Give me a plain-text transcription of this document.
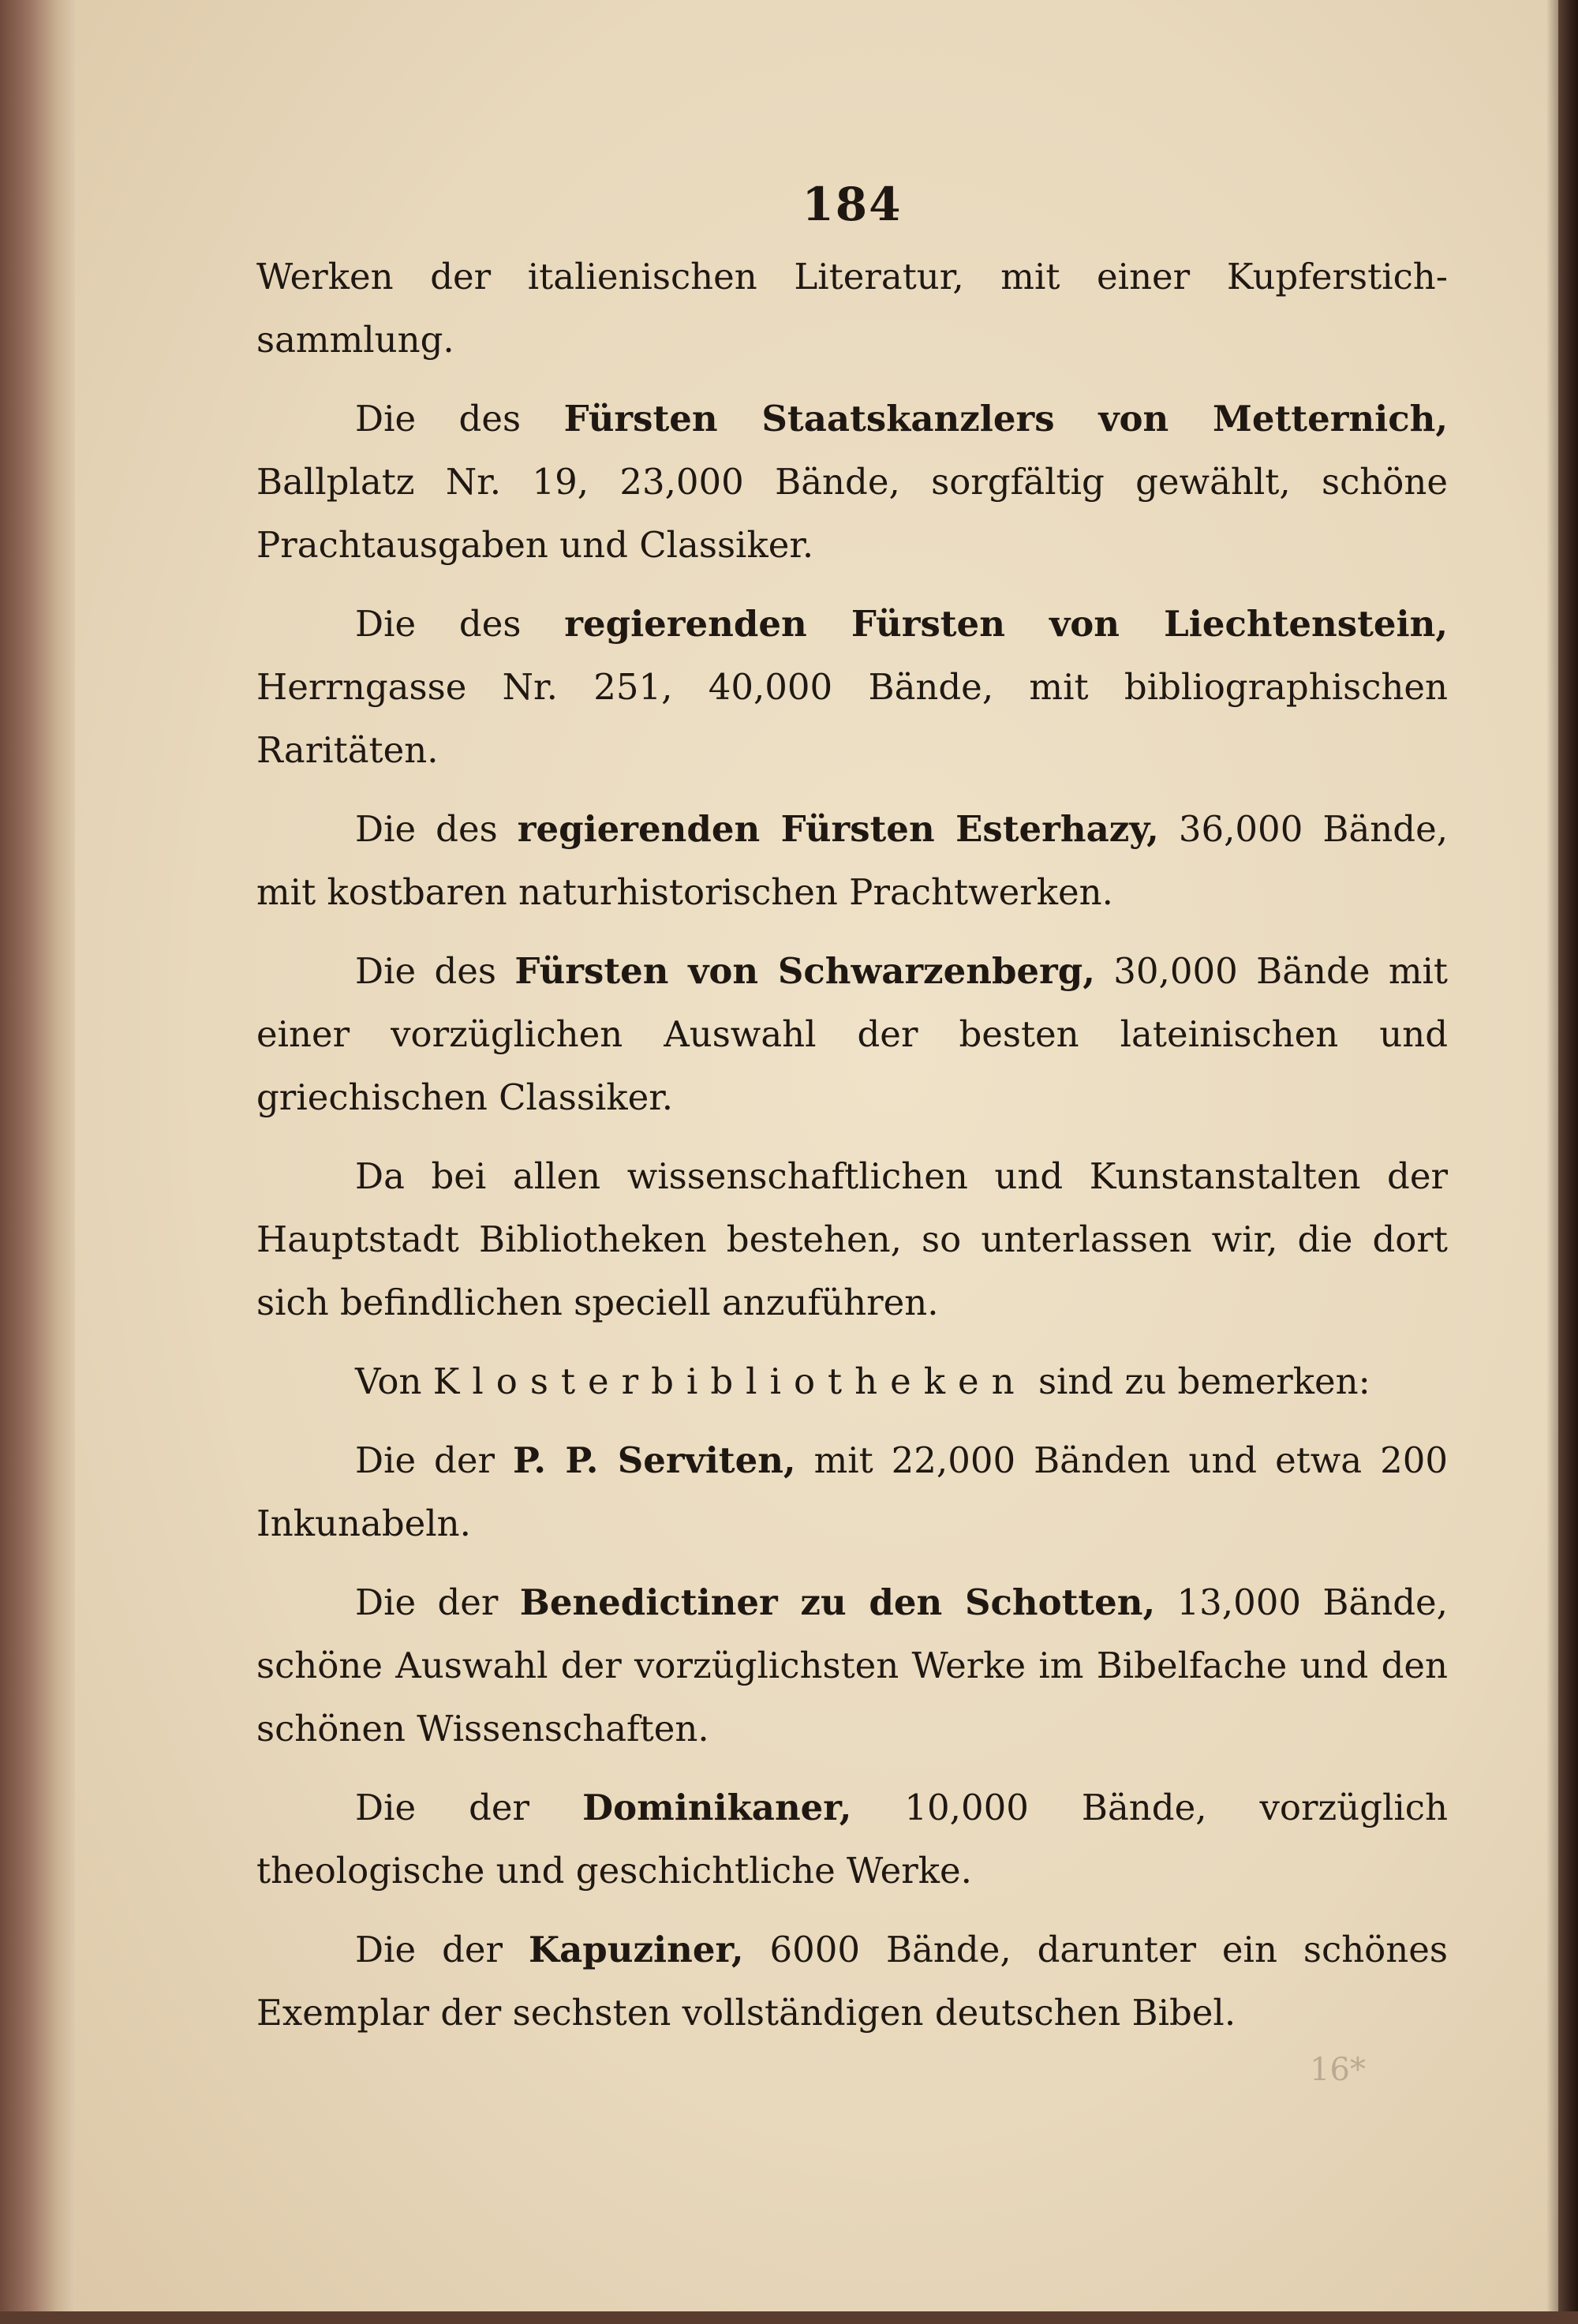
184

Werken der italienischen Literatur, mit einer Kupferstich-sammlung.

Die des Fürsten Staatskanzlers von Metternich, Ballplatz Nr. 19, 23,000 Bände, sorgfältig gewählt, schöne Prachtausgaben und Classiker.

Die des regierenden Fürsten von Liechtenstein, Herrngasse Nr. 251, 40,000 Bände, mit bibliographischen Raritäten.

Die des regierenden Fürsten Esterhazy, 36,000 Bände, mit kostbaren naturhistorischen Prachtwerken.

Die des Fürsten von Schwarzenberg, 30,000 Bände mit einer vorzüglichen Auswahl der besten lateinischen und griechischen Classiker.

Da bei allen wissenschaftlichen und Kunstanstalten der Hauptstadt Bibliotheken bestehen, so unterlassen wir, die dort sich befindlichen speciell anzuführen.

Von Klosterbibliotheken sind zu bemerken:

Die der P. P. Serviten, mit 22,000 Bänden und etwa 200 Inkunabeln.

Die der Benedictiner zu den Schotten, 13,000 Bände, schöne Auswahl der vorzüglichsten Werke im Bibelfache und den schönen Wissenschaften.

Die der Dominikaner, 10,000 Bände, vorzüglich theologische und geschichtliche Werke.

Die der Kapuziner, 6000 Bände, darunter ein schönes Exemplar der sechsten vollständigen deutschen Bibel.

16*
